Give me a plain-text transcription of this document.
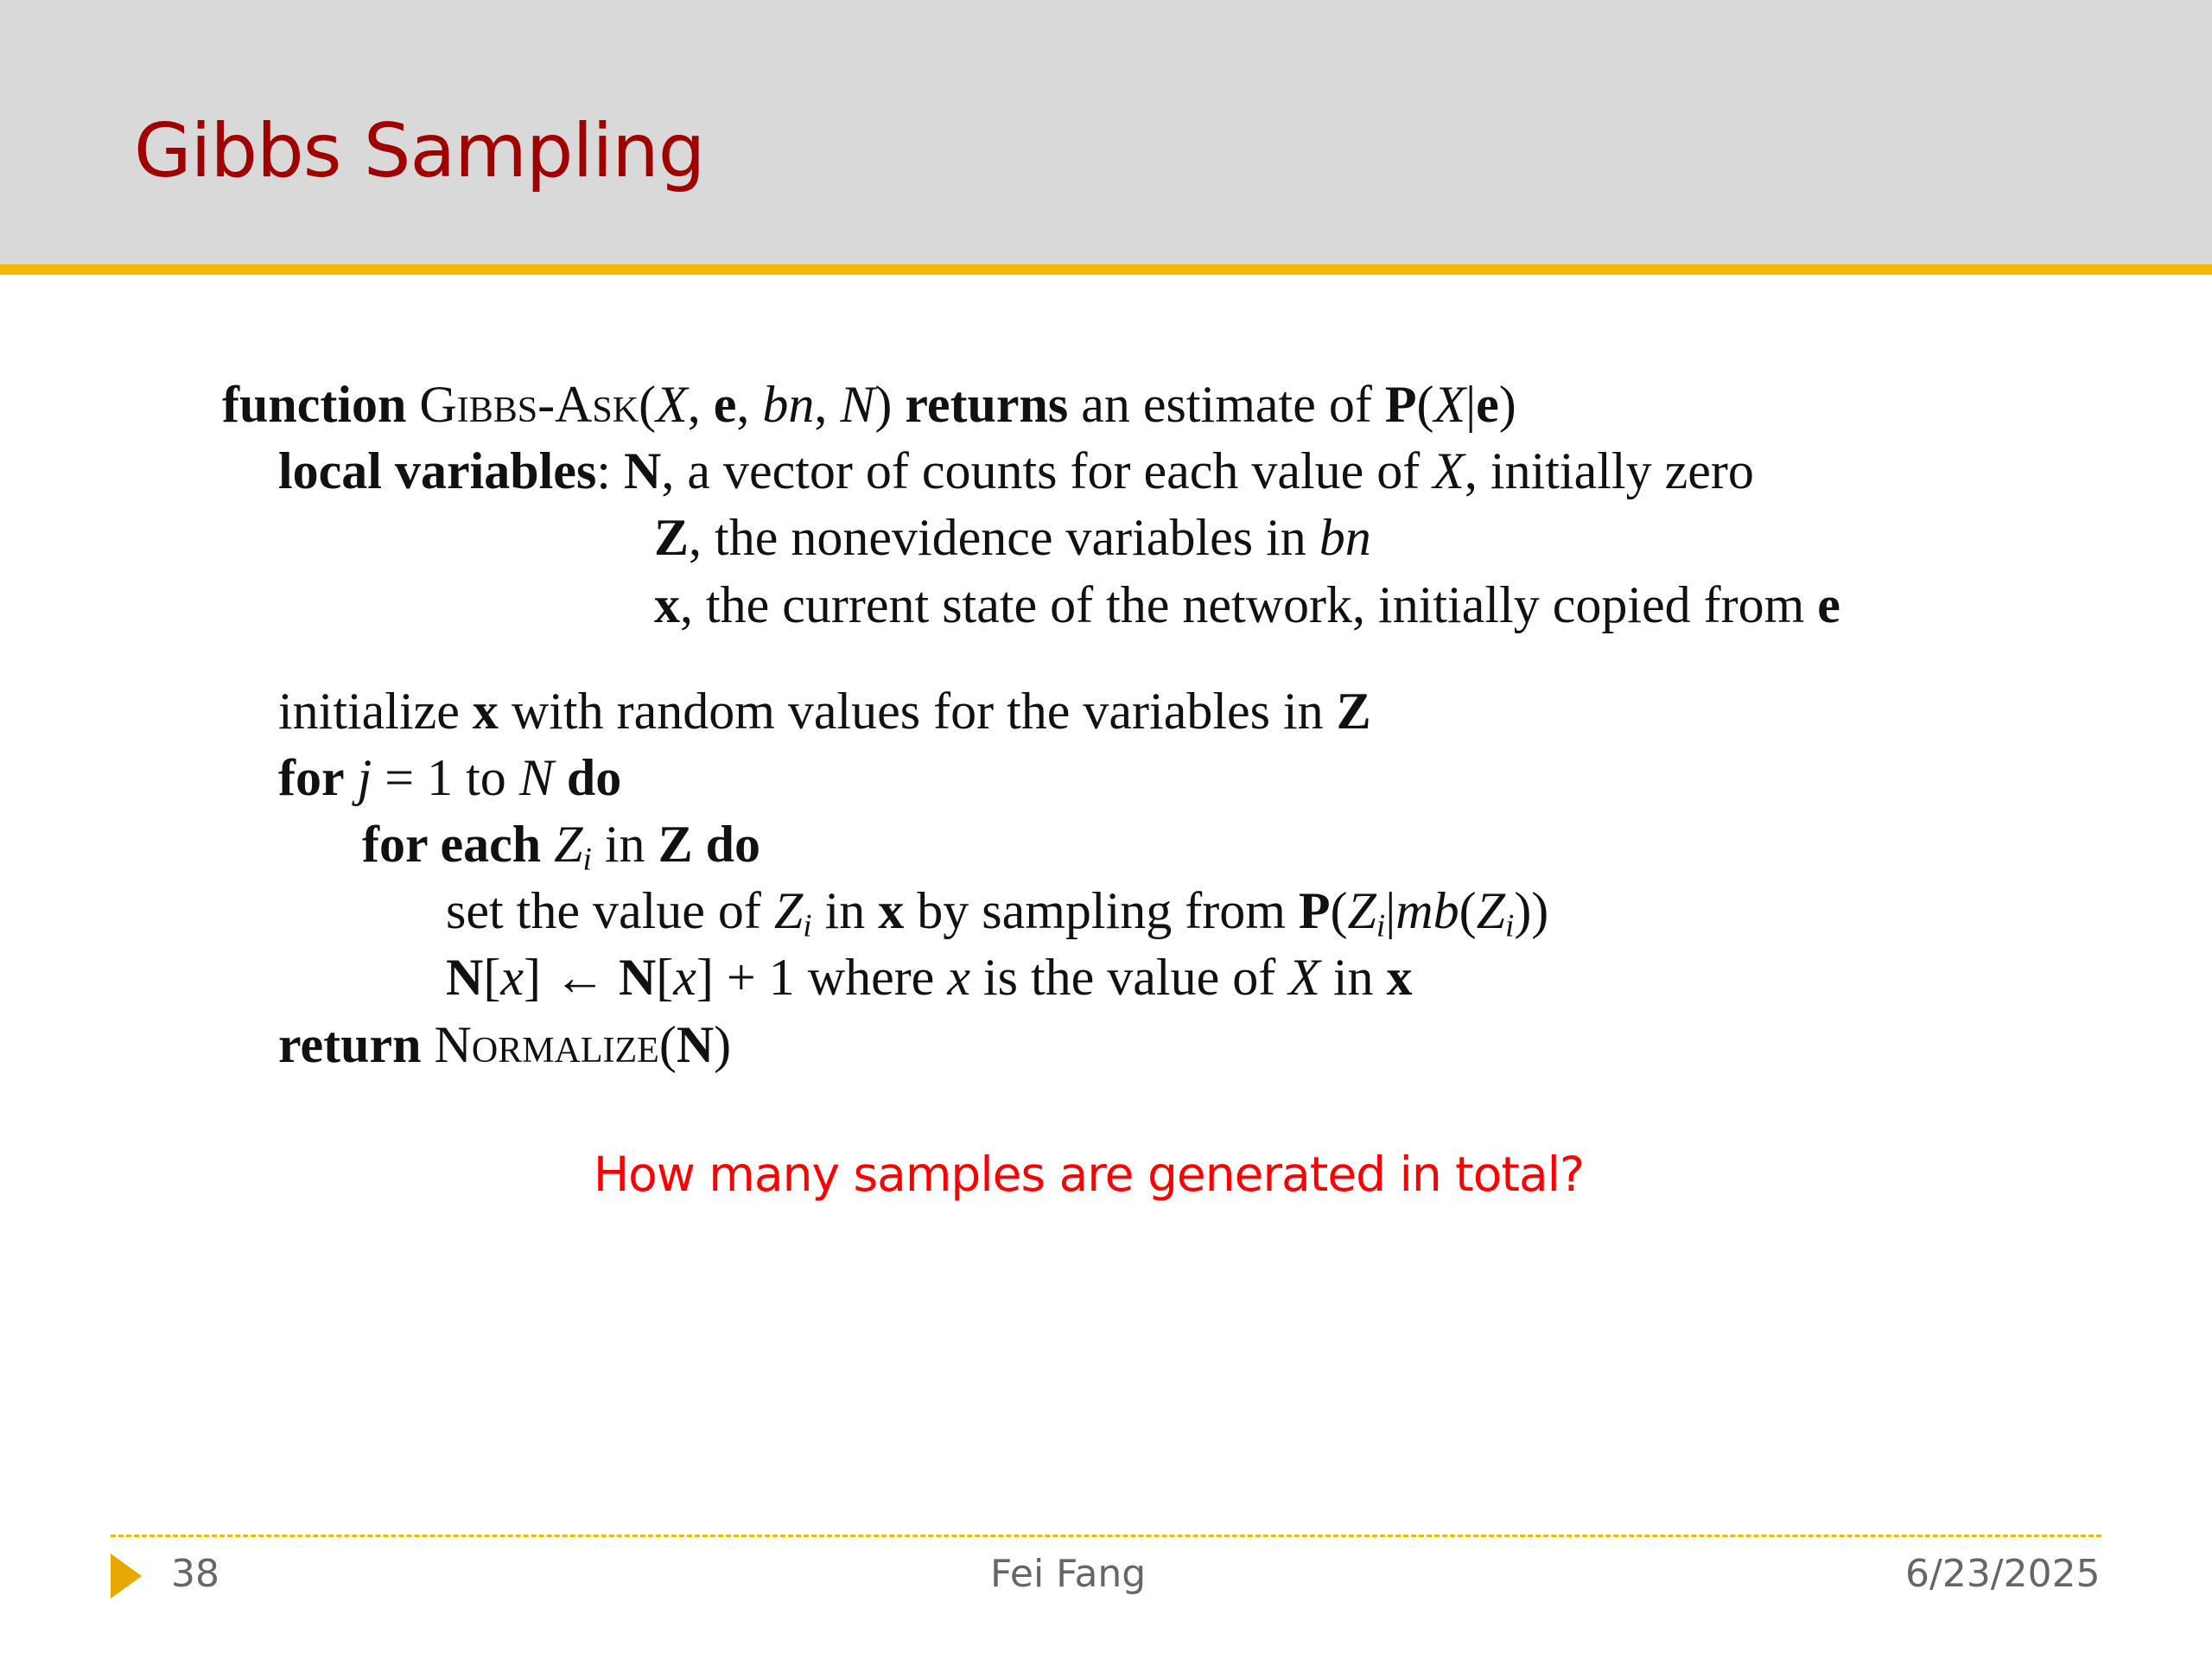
Gibbs Sampling
function Gibbs-Ask(X, e, bn, N) returns an estimate of P(X|e)
local variables: N, a vector of counts for each value of X, initially zero
Z, the nonevidence variables in bn
x, the current state of the network, initially copied from e
initialize x with random values for the variables in Z
for j = 1 to N do
for each $Z_i$ in Z do
set the value of $Z_i$ in x by sampling from $P(Z_i|mb(Z_i))$
N[x] ← N[x] + 1 where x is the value of X in x
return Normalize(N)
How many samples are generated in total?
38	Fei Fang	6/23/2025
